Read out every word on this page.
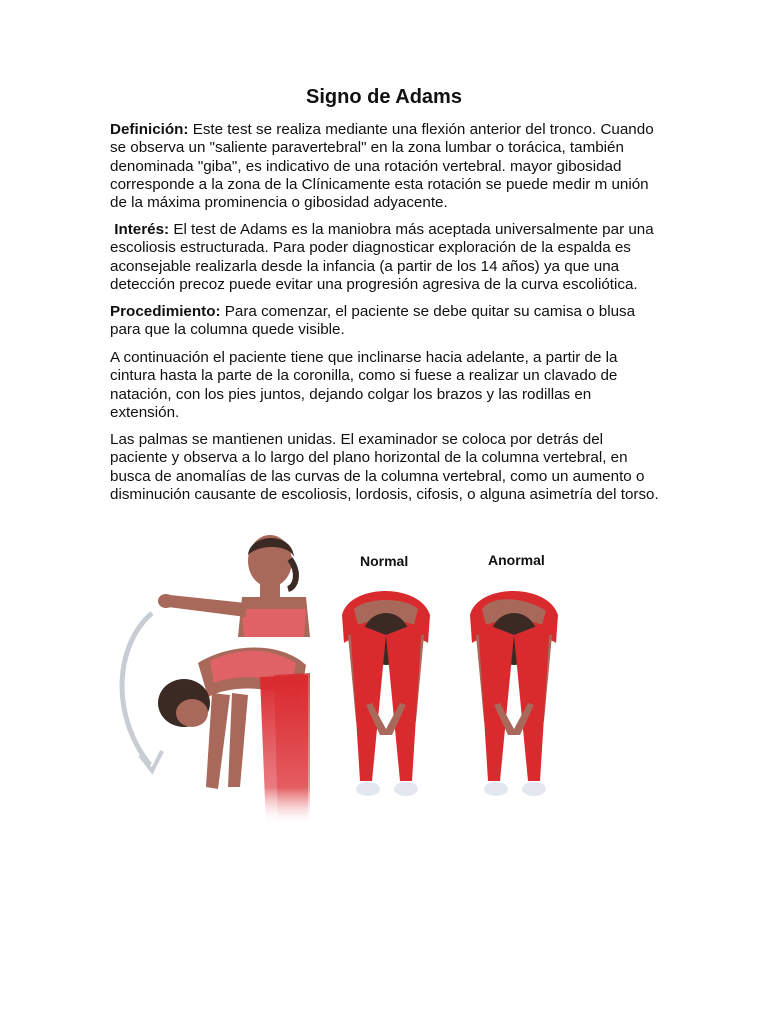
Signo de Adams

Definición: Este test se realiza mediante una flexión anterior del tronco. Cuando se observa un "saliente paravertebral" en la zona lumbar o torácica, también denominada "giba", es indicativo de una rotación vertebral. mayor gibosidad corresponde a la zona de la Clínicamente esta rotación se puede medir m unión de la máxima prominencia o gibosidad adyacente.

Interés: El test de Adams es la maniobra más aceptada universalmente par una escoliosis estructurada. Para poder diagnosticar exploración de la espalda es aconsejable realizarla desde la infancia (a partir de los 14 años) ya que una detección precoz puede evitar una progresión agresiva de la curva escoliótica.

Procedimiento: Para comenzar, el paciente se debe quitar su camisa o blusa para que la columna quede visible.

A continuación el paciente tiene que inclinarse hacia adelante, a partir de la cintura hasta la parte de la coronilla, como si fuese a realizar un clavado de natación, con los pies juntos, dejando colgar los brazos y las rodillas en extensión.

Las palmas se mantienen unidas. El examinador se coloca por detrás del paciente y observa a lo largo del plano horizontal de la columna vertebral, en busca de anomalías de las curvas de la columna vertebral, como un aumento o disminución causante de escoliosis, lordosis, cifosis, o alguna asimetría del torso.

Normal	Anormal
